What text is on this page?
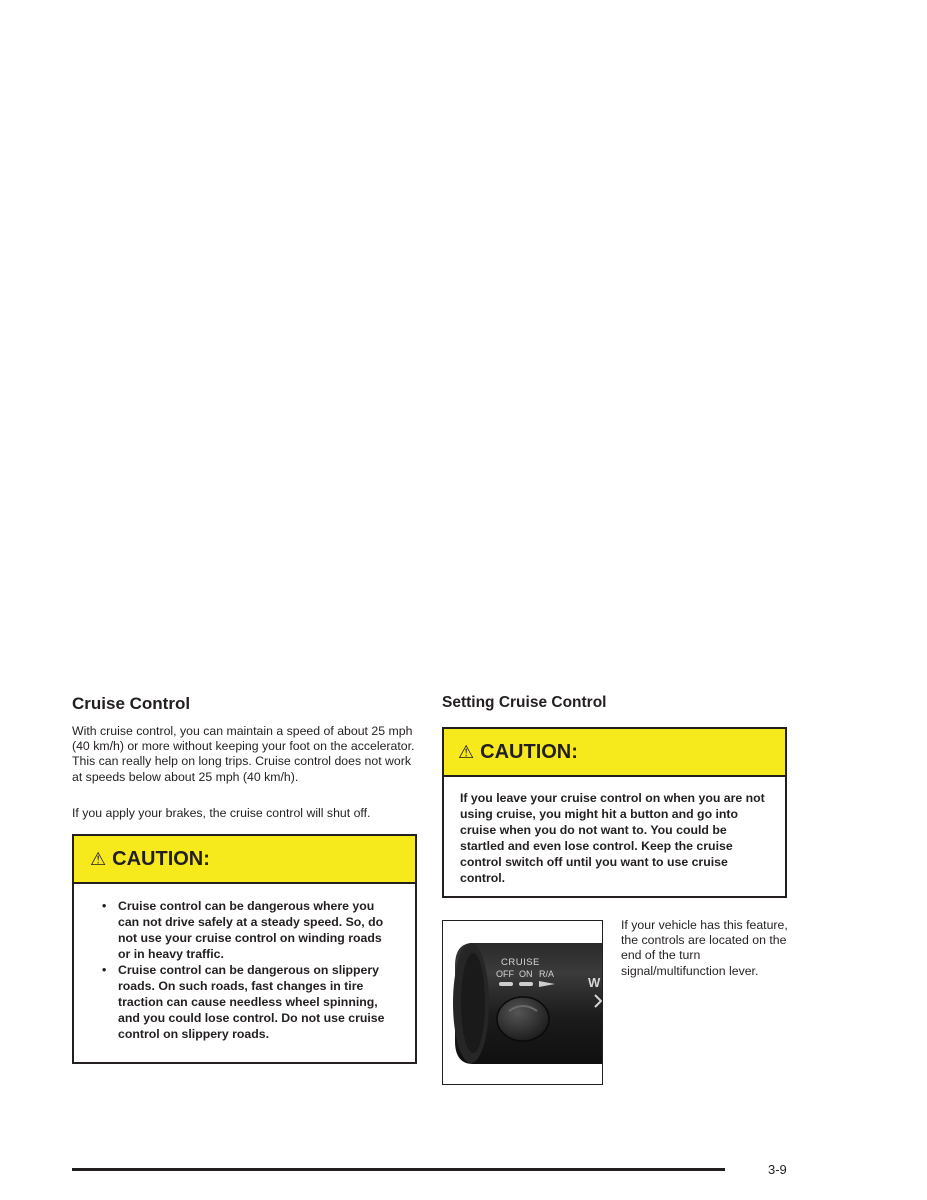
Cruise Control

With cruise control, you can maintain a speed of about 25 mph (40 km/h) or more without keeping your foot on the accelerator. This can really help on long trips. Cruise control does not work at speeds below about 25 mph (40 km/h).

If you apply your brakes, the cruise control will shut off.

⚠ CAUTION:
• Cruise control can be dangerous where you can not drive safely at a steady speed. So, do not use your cruise control on winding roads or in heavy traffic.
• Cruise control can be dangerous on slippery roads. On such roads, fast changes in tire traction can cause needless wheel spinning, and you could lose control. Do not use cruise control on slippery roads.
Setting Cruise Control
⚠ CAUTION:
If you leave your cruise control on when you are not using cruise, you might hit a button and go into cruise when you do not want to. You could be startled and even lose control. Keep the cruise control switch off until you want to use cruise control.
CRUISE
OFF ON R/A
W

If your vehicle has this feature, the controls are located on the end of the turn signal/multifunction lever.

3-9
